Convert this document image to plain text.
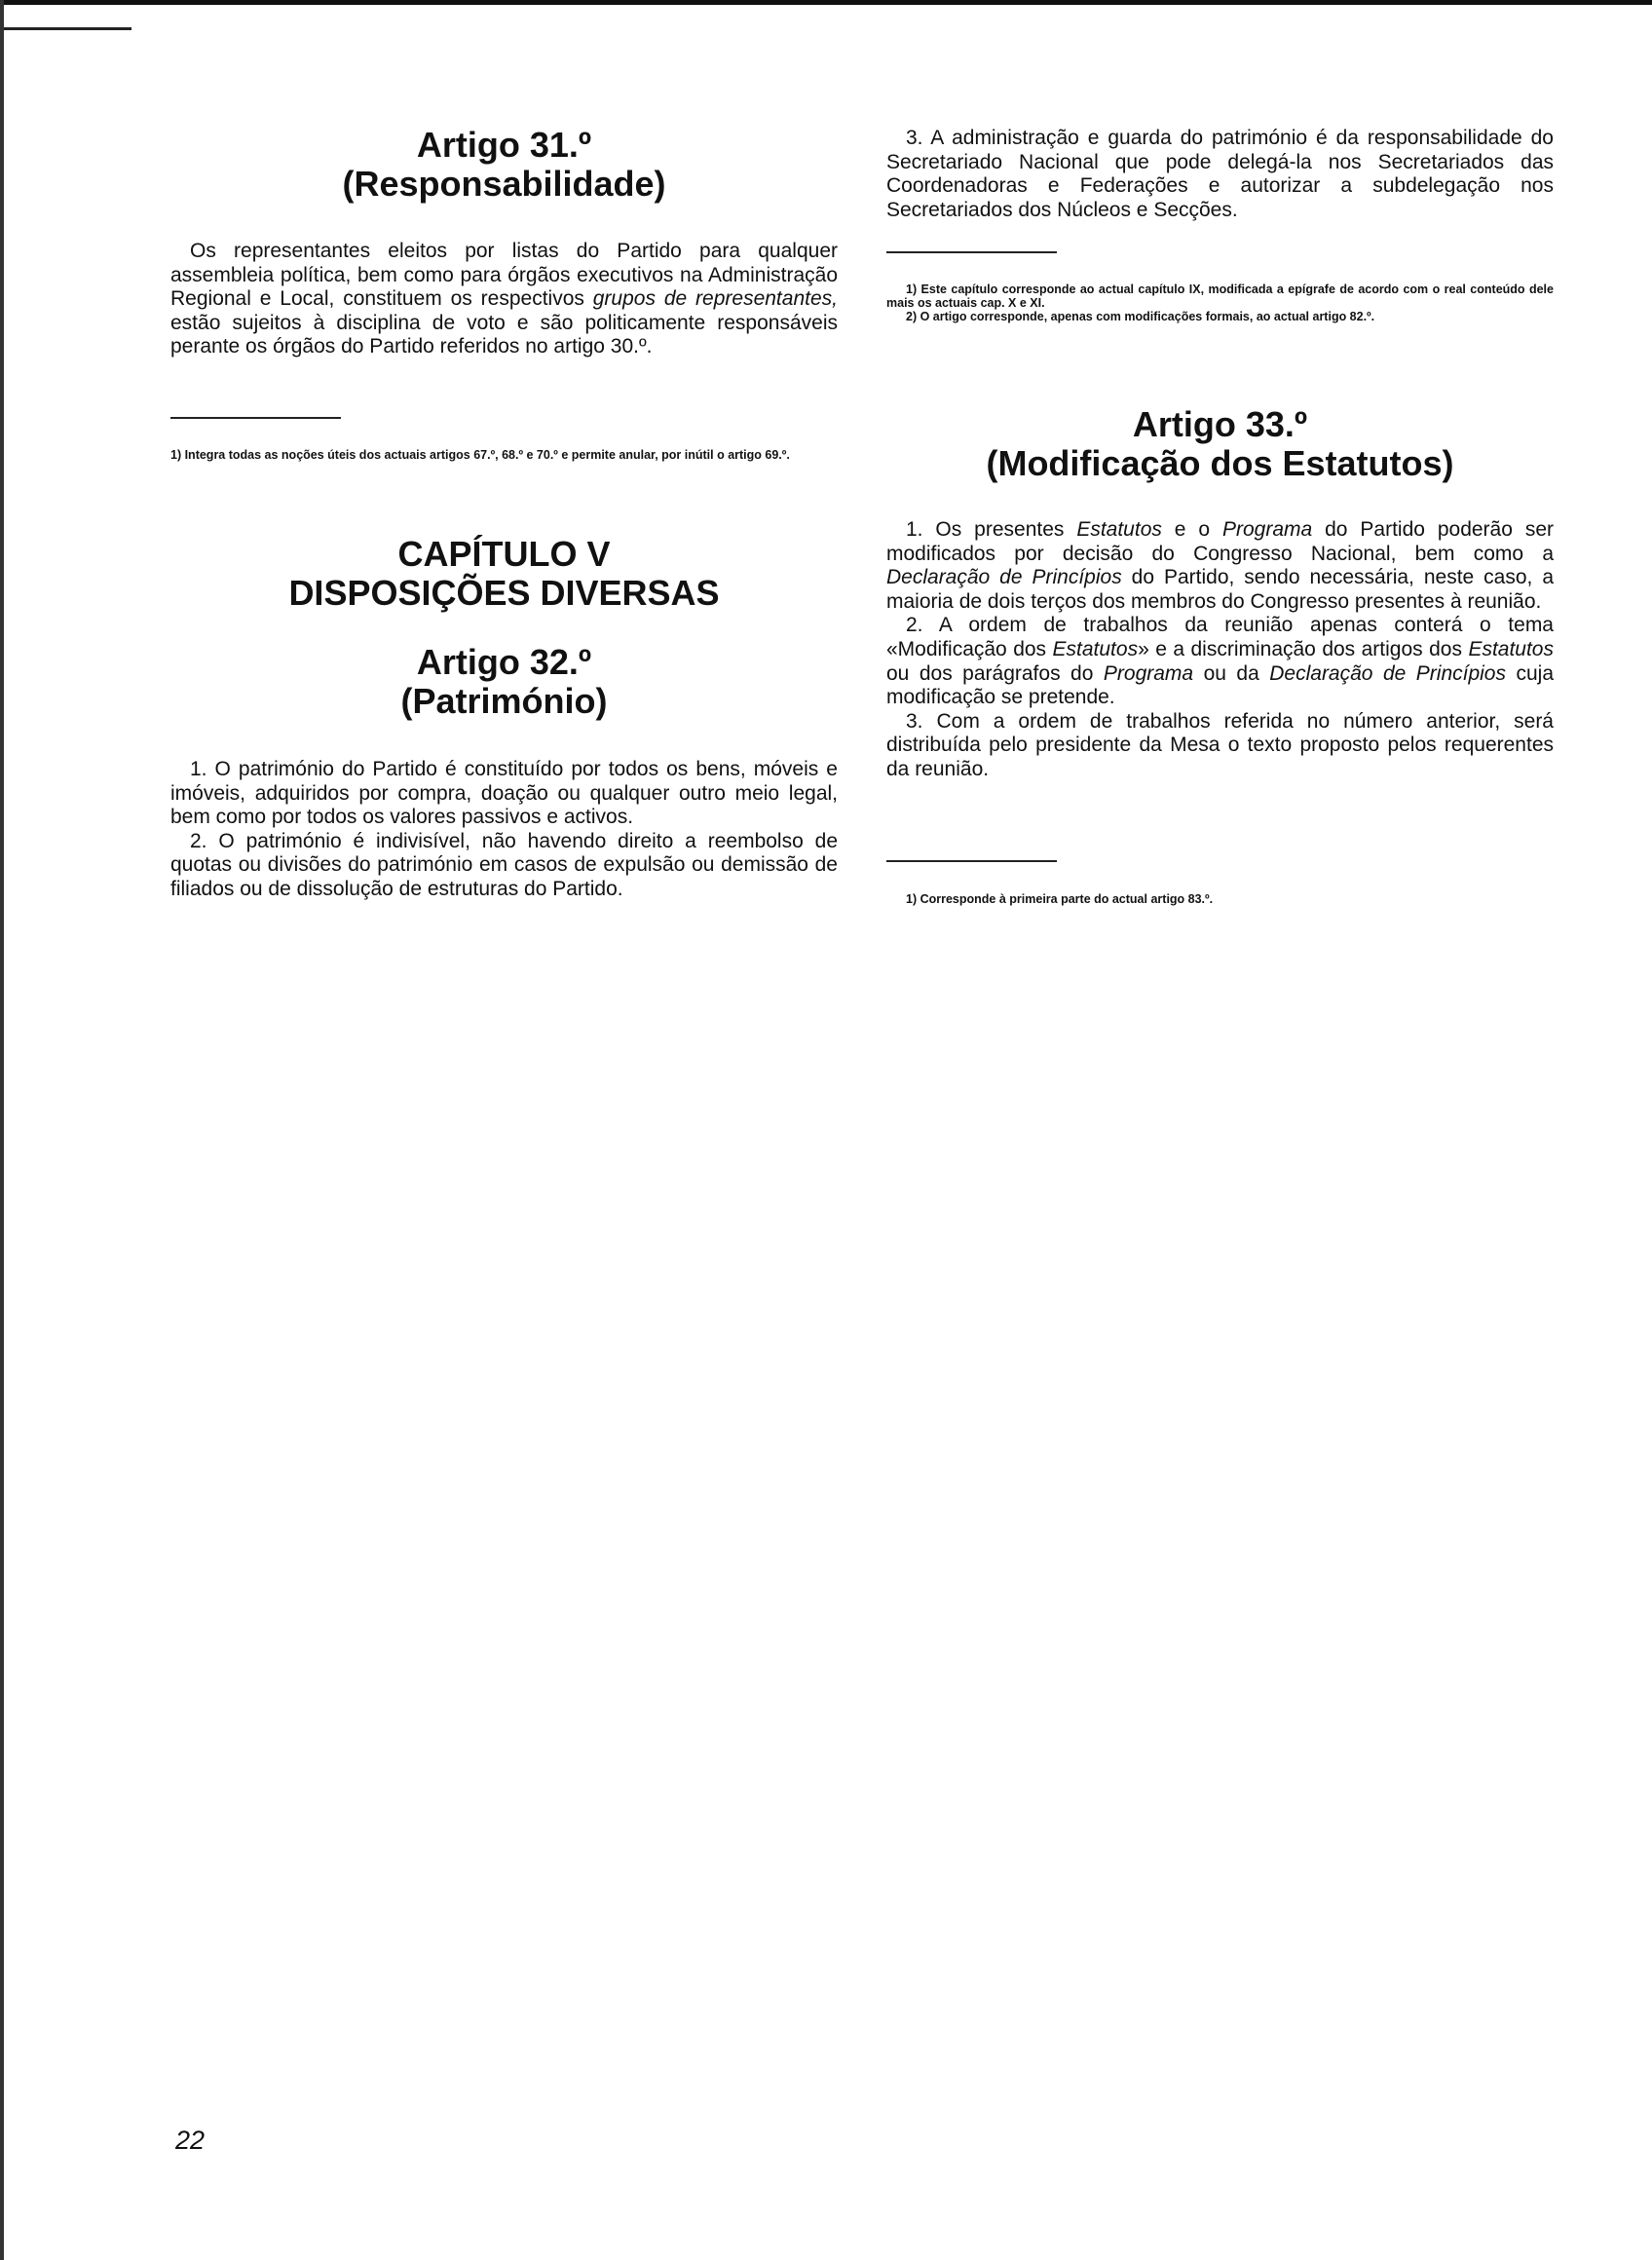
Artigo 31.º
(Responsabilidade)

Os representantes eleitos por listas do Partido para qualquer assembleia política, bem como para órgãos executivos na Administração Regional e Local, constituem os respectivos grupos de representantes, estão sujeitos à disciplina de voto e são politicamente responsáveis perante os órgãos do Partido referidos no artigo 30.º.

1) Integra todas as noções úteis dos actuais artigos 67.º, 68.º e 70.º e permite anular, por inútil o artigo 69.º.

CAPÍTULO V
DISPOSIÇÕES DIVERSAS
Artigo 32.º
(Património)

1. O património do Partido é constituído por todos os bens, móveis e imóveis, adquiridos por compra, doação ou qualquer outro meio legal, bem como por todos os valores passivos e activos.

2. O património é indivisível, não havendo direito a reembolso de quotas ou divisões do património em casos de expulsão ou demissão de filiados ou de dissolução de estruturas do Partido.

3. A administração e guarda do património é da responsabilidade do Secretariado Nacional que pode delegá-la nos Secretariados das Coordenadoras e Federações e autorizar a subdelegação nos Secretariados dos Núcleos e Secções.

1) Este capítulo corresponde ao actual capítulo IX, modificada a epígrafe de acordo com o real conteúdo dele mais os actuais cap. X e XI.

2) O artigo corresponde, apenas com modificações formais, ao actual artigo 82.º.

Artigo 33.º
(Modificação dos Estatutos)

1. Os presentes Estatutos e o Programa do Partido poderão ser modificados por decisão do Congresso Nacional, bem como a Declaração de Princípios do Partido, sendo necessária, neste caso, a maioria de dois terços dos membros do Congresso presentes à reunião.

2. A ordem de trabalhos da reunião apenas conterá o tema «Modificação dos Estatutos» e a discriminação dos artigos dos Estatutos ou dos parágrafos do Programa ou da Declaração de Princípios cuja modificação se pretende.

3. Com a ordem de trabalhos referida no número anterior, será distribuída pelo presidente da Mesa o texto proposto pelos requerentes da reunião.

1) Corresponde à primeira parte do actual artigo 83.º.

22
